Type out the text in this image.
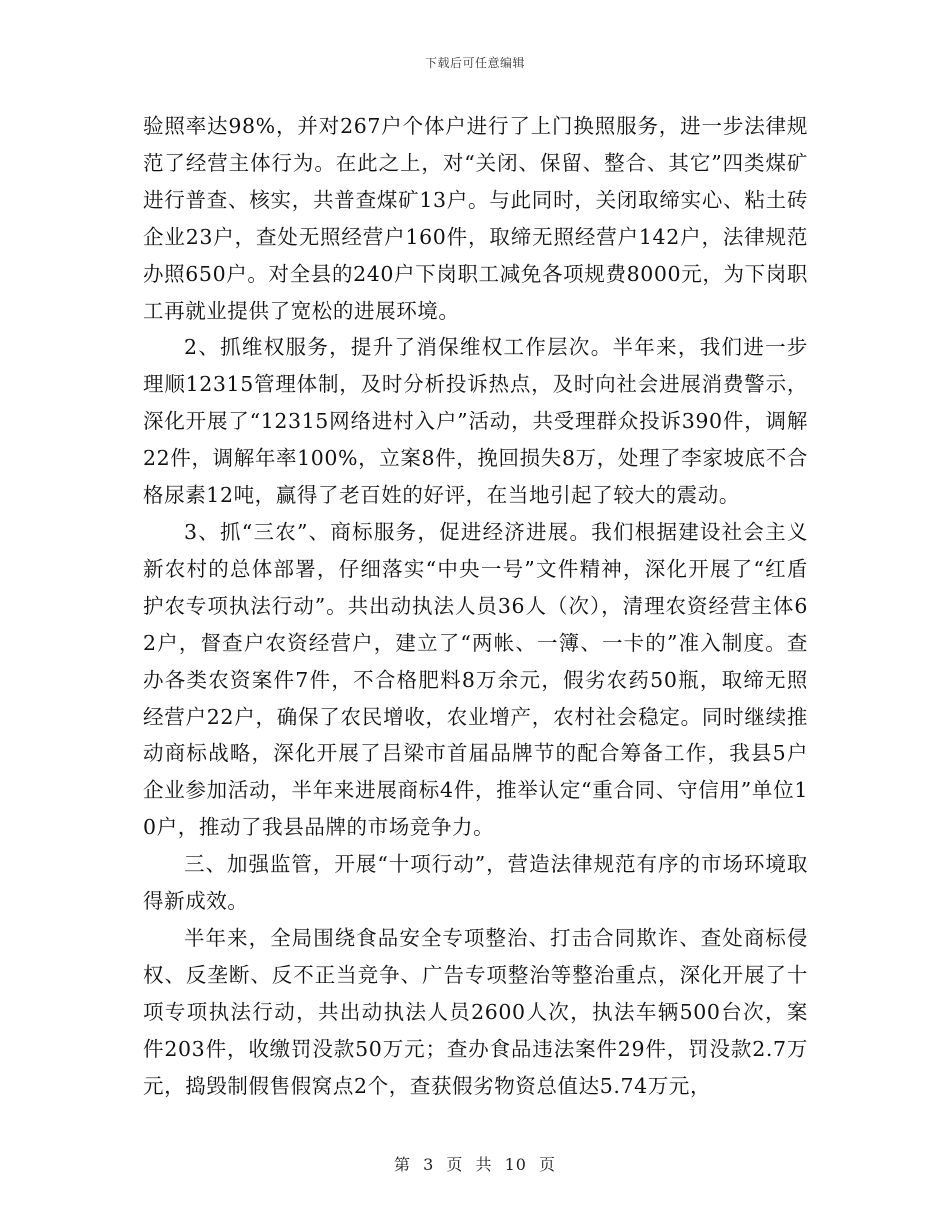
下载后可任意编辑

验照率达98%，并对267户个体户进行了上门换照服务，进一步法律规范了经营主体行为。在此之上，对“关闭、保留、整合、其它”四类煤矿进行普查、核实，共普查煤矿13户。与此同时，关闭取缔实心、粘土砖企业23户，查处无照经营户160件，取缔无照经营户142户，法律规范办照650户。对全县的240户下岗职工减免各项规费8000元，为下岗职工再就业提供了宽松的进展环境。

2、抓维权服务，提升了消保维权工作层次。半年来，我们进一步理顺12315管理体制，及时分析投诉热点，及时向社会进展消费警示，深化开展了“12315网络进村入户”活动，共受理群众投诉390件，调解22件，调解年率100%，立案8件，挽回损失8万，处理了李家坡底不合格尿素12吨，赢得了老百姓的好评，在当地引起了较大的震动。

3、抓“三农”、商标服务，促进经济进展。我们根据建设社会主义新农村的总体部署，仔细落实“中央一号”文件精神，深化开展了“红盾护农专项执法行动”。共出动执法人员36人（次），清理农资经营主体62户，督查户农资经营户，建立了“两帐、一簿、一卡的”准入制度。查办各类农资案件7件，不合格肥料8万余元，假劣农药50瓶，取缔无照经营户22户，确保了农民增收，农业增产，农村社会稳定。同时继续推动商标战略，深化开展了吕梁市首届品牌节的配合筹备工作，我县5户企业参加活动，半年来进展商标4件，推举认定“重合同、守信用”单位10户，推动了我县品牌的市场竞争力。

三、加强监管，开展“十项行动”，营造法律规范有序的市场环境取得新成效。

半年来，全局围绕食品安全专项整治、打击合同欺诈、查处商标侵权、反垄断、反不正当竞争、广告专项整治等整治重点，深化开展了十项专项执法行动，共出动执法人员2600人次，执法车辆500台次，案件203件，收缴罚没款50万元；查办食品违法案件29件，罚没款2.7万元，捣毁制假售假窝点2个，查获假劣物资总值达5.74万元，

第 3 页 共 10 页
